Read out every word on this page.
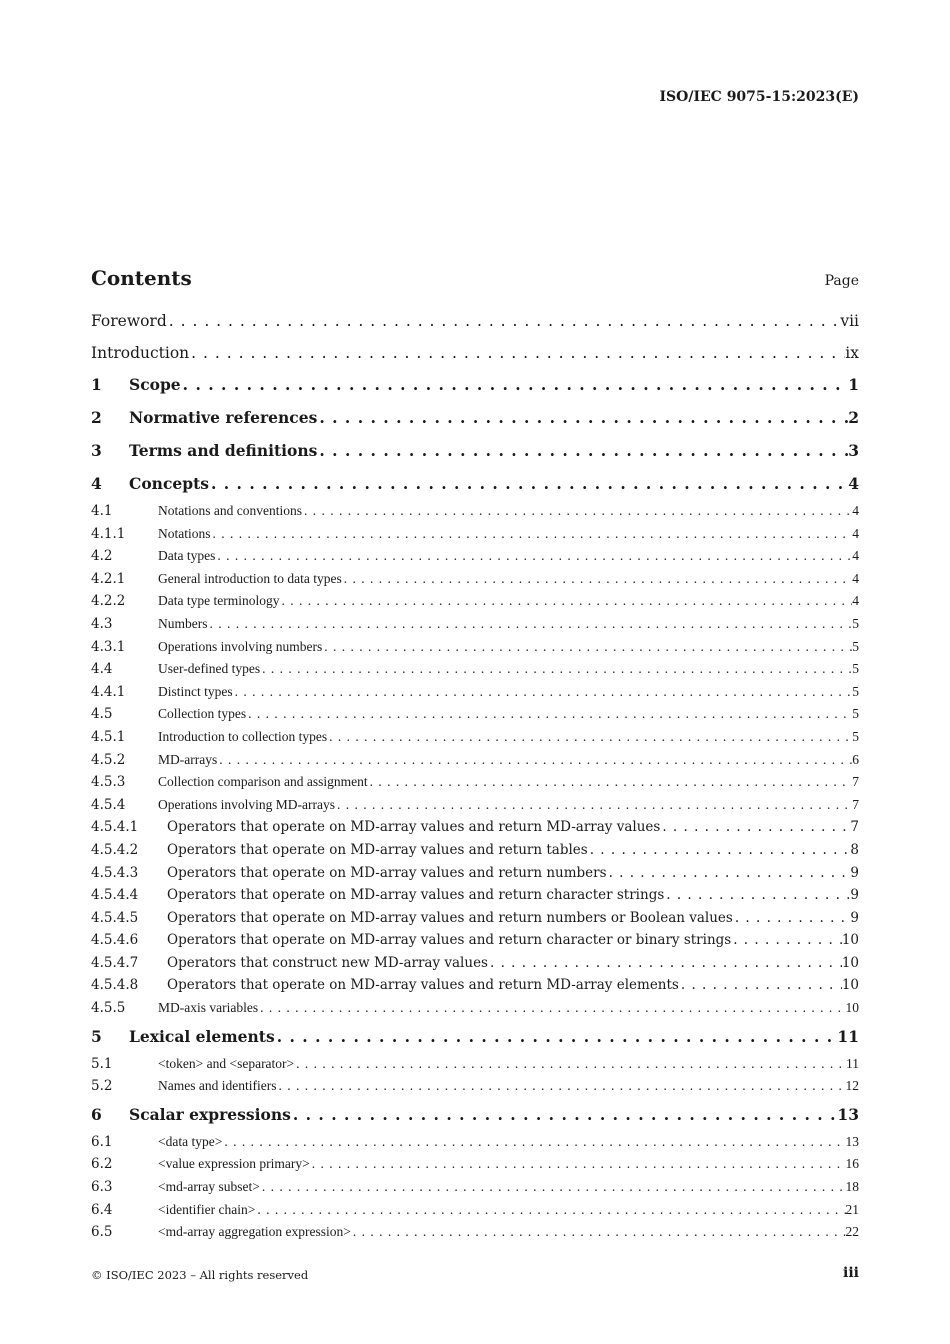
ISO/IEC 9075-15:2023(E)
Contents	Page
Foreword . . .	vii
Introduction . . .	ix
1	Scope . . .	1
2	Normative references . . .	2
3	Terms and definitions . . .	3
4	Concepts . . .	4
4.1	Notations and conventions . . .	4
4.1.1	Notations . . .	4
4.2	Data types . . .	4
4.2.1	General introduction to data types . . .	4
4.2.2	Data type terminology . . .	4
4.3	Numbers . . .	5
4.3.1	Operations involving numbers . . .	5
4.4	User-defined types . . .	5
4.4.1	Distinct types . . .	5
4.5	Collection types . . .	5
4.5.1	Introduction to collection types . . .	5
4.5.2	MD-arrays . . .	6
4.5.3	Collection comparison and assignment . . .	7
4.5.4	Operations involving MD-arrays . . .	7
4.5.4.1	Operators that operate on MD-array values and return MD-array values . . .	7
4.5.4.2	Operators that operate on MD-array values and return tables . . .	8
4.5.4.3	Operators that operate on MD-array values and return numbers . . .	9
4.5.4.4	Operators that operate on MD-array values and return character strings . . .	9
4.5.4.5	Operators that operate on MD-array values and return numbers or Boolean values . . .	9
4.5.4.6	Operators that operate on MD-array values and return character or binary strings . . .	10
4.5.4.7	Operators that construct new MD-array values . . .	10
4.5.4.8	Operators that operate on MD-array values and return MD-array elements . . .	10
4.5.5	MD-axis variables . . .	10
5	Lexical elements . . .	11
5.1	<token> and <separator> . . .	11
5.2	Names and identifiers . . .	12
6	Scalar expressions . . .	13
6.1	<data type> . . .	13
6.2	<value expression primary> . . .	16
6.3	<md-array subset> . . .	18
6.4	<identifier chain> . . .	21
6.5	<md-array aggregation expression> . . .	22
© ISO/IEC 2023 – All rights reserved	iii
